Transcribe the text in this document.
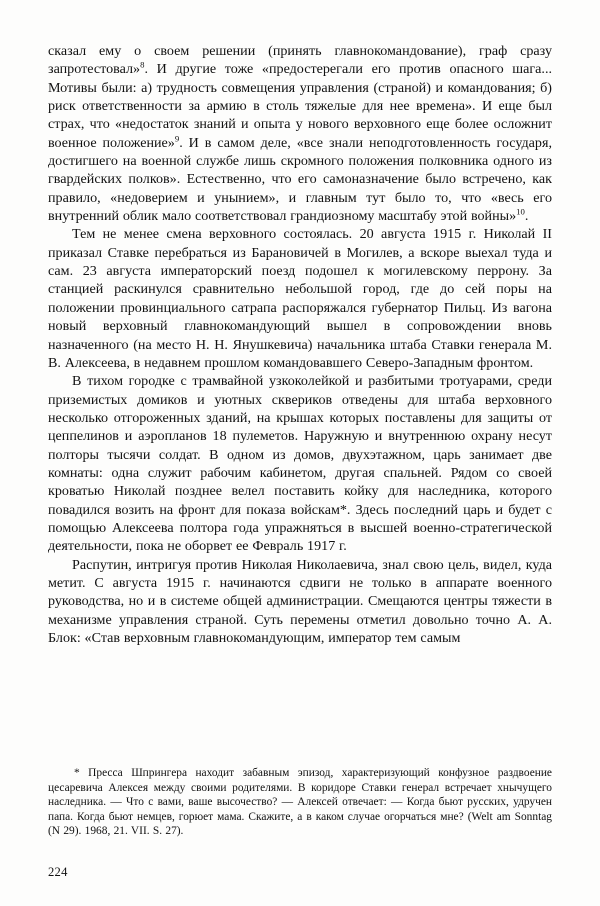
сказал ему о своем решении (принять главнокомандование), граф сразу запротестовал»$^8$. И другие тоже «предостерегали его против опасного шага... Мотивы были: а) трудность совмещения управления (страной) и командования; б) риск ответственности за армию в столь тяжелые для нее времена». И еще был страх, что «недостаток знаний и опыта у нового верховного еще более осложнит военное положение»$^9$. И в самом деле, «все знали неподготовленность государя, достигшего на военной службе лишь скромного положения полковника одного из гвардейских полков». Естественно, что его самоназначение было встречено, как правило, «недоверием и унынием», и главным тут было то, что «весь его внутренний облик мало соответствовал грандиозному масштабу этой войны»$^{10}$.

Тем не менее смена верховного состоялась. 20 августа 1915 г. Николай II приказал Ставке перебраться из Барановичей в Могилев, а вскоре выехал туда и сам. 23 августа императорский поезд подошел к могилевскому перрону. За станцией раскинулся сравнительно небольшой город, где до сей поры на положении провинциального сатрапа распоряжался губернатор Пильц. Из вагона новый верховный главнокомандующий вышел в сопровождении вновь назначенного (на место Н. Н. Янушкевича) начальника штаба Ставки генерала М. В. Алексеева, в недавнем прошлом командовавшего Северо-Западным фронтом.

В тихом городке с трамвайной узкоколейкой и разбитыми тротуарами, среди приземистых домиков и уютных сквериков отведены для штаба верховного несколько отгороженных зданий, на крышах которых поставлены для защиты от цеппелинов и аэропланов 18 пулеметов. Наружную и внутреннюю охрану несут полторы тысячи солдат. В одном из домов, двухэтажном, царь занимает две комнаты: одна служит рабочим кабинетом, другая спальней. Рядом со своей кроватью Николай позднее велел поставить койку для наследника, которого повадился возить на фронт для показа войскам*. Здесь последний царь и будет с помощью Алексеева полтора года упражняться в высшей военно-стратегической деятельности, пока не оборвет ее Февраль 1917 г.

Распутин, интригуя против Николая Николаевича, знал свою цель, видел, куда метит. С августа 1915 г. начинаются сдвиги не только в аппарате военного руководства, но и в системе общей администрации. Смещаются центры тяжести в механизме управления страной. Суть перемены отметил довольно точно А. А. Блок: «Став верховным главнокомандующим, император тем самым

* Пресса Шпрингера находит забавным эпизод, характеризующий конфузное раздвоение цесаревича Алексея между своими родителями. В коридоре Ставки генерал встречает хнычущего наследника. — Что с вами, ваше высочество? — Алексей отвечает: — Когда бьют русских, удручен папа. Когда бьют немцев, горюет мама. Скажите, а в каком случае огорчаться мне? (Welt am Sonntag (N 29). 1968, 21. VII. S. 27).

224
